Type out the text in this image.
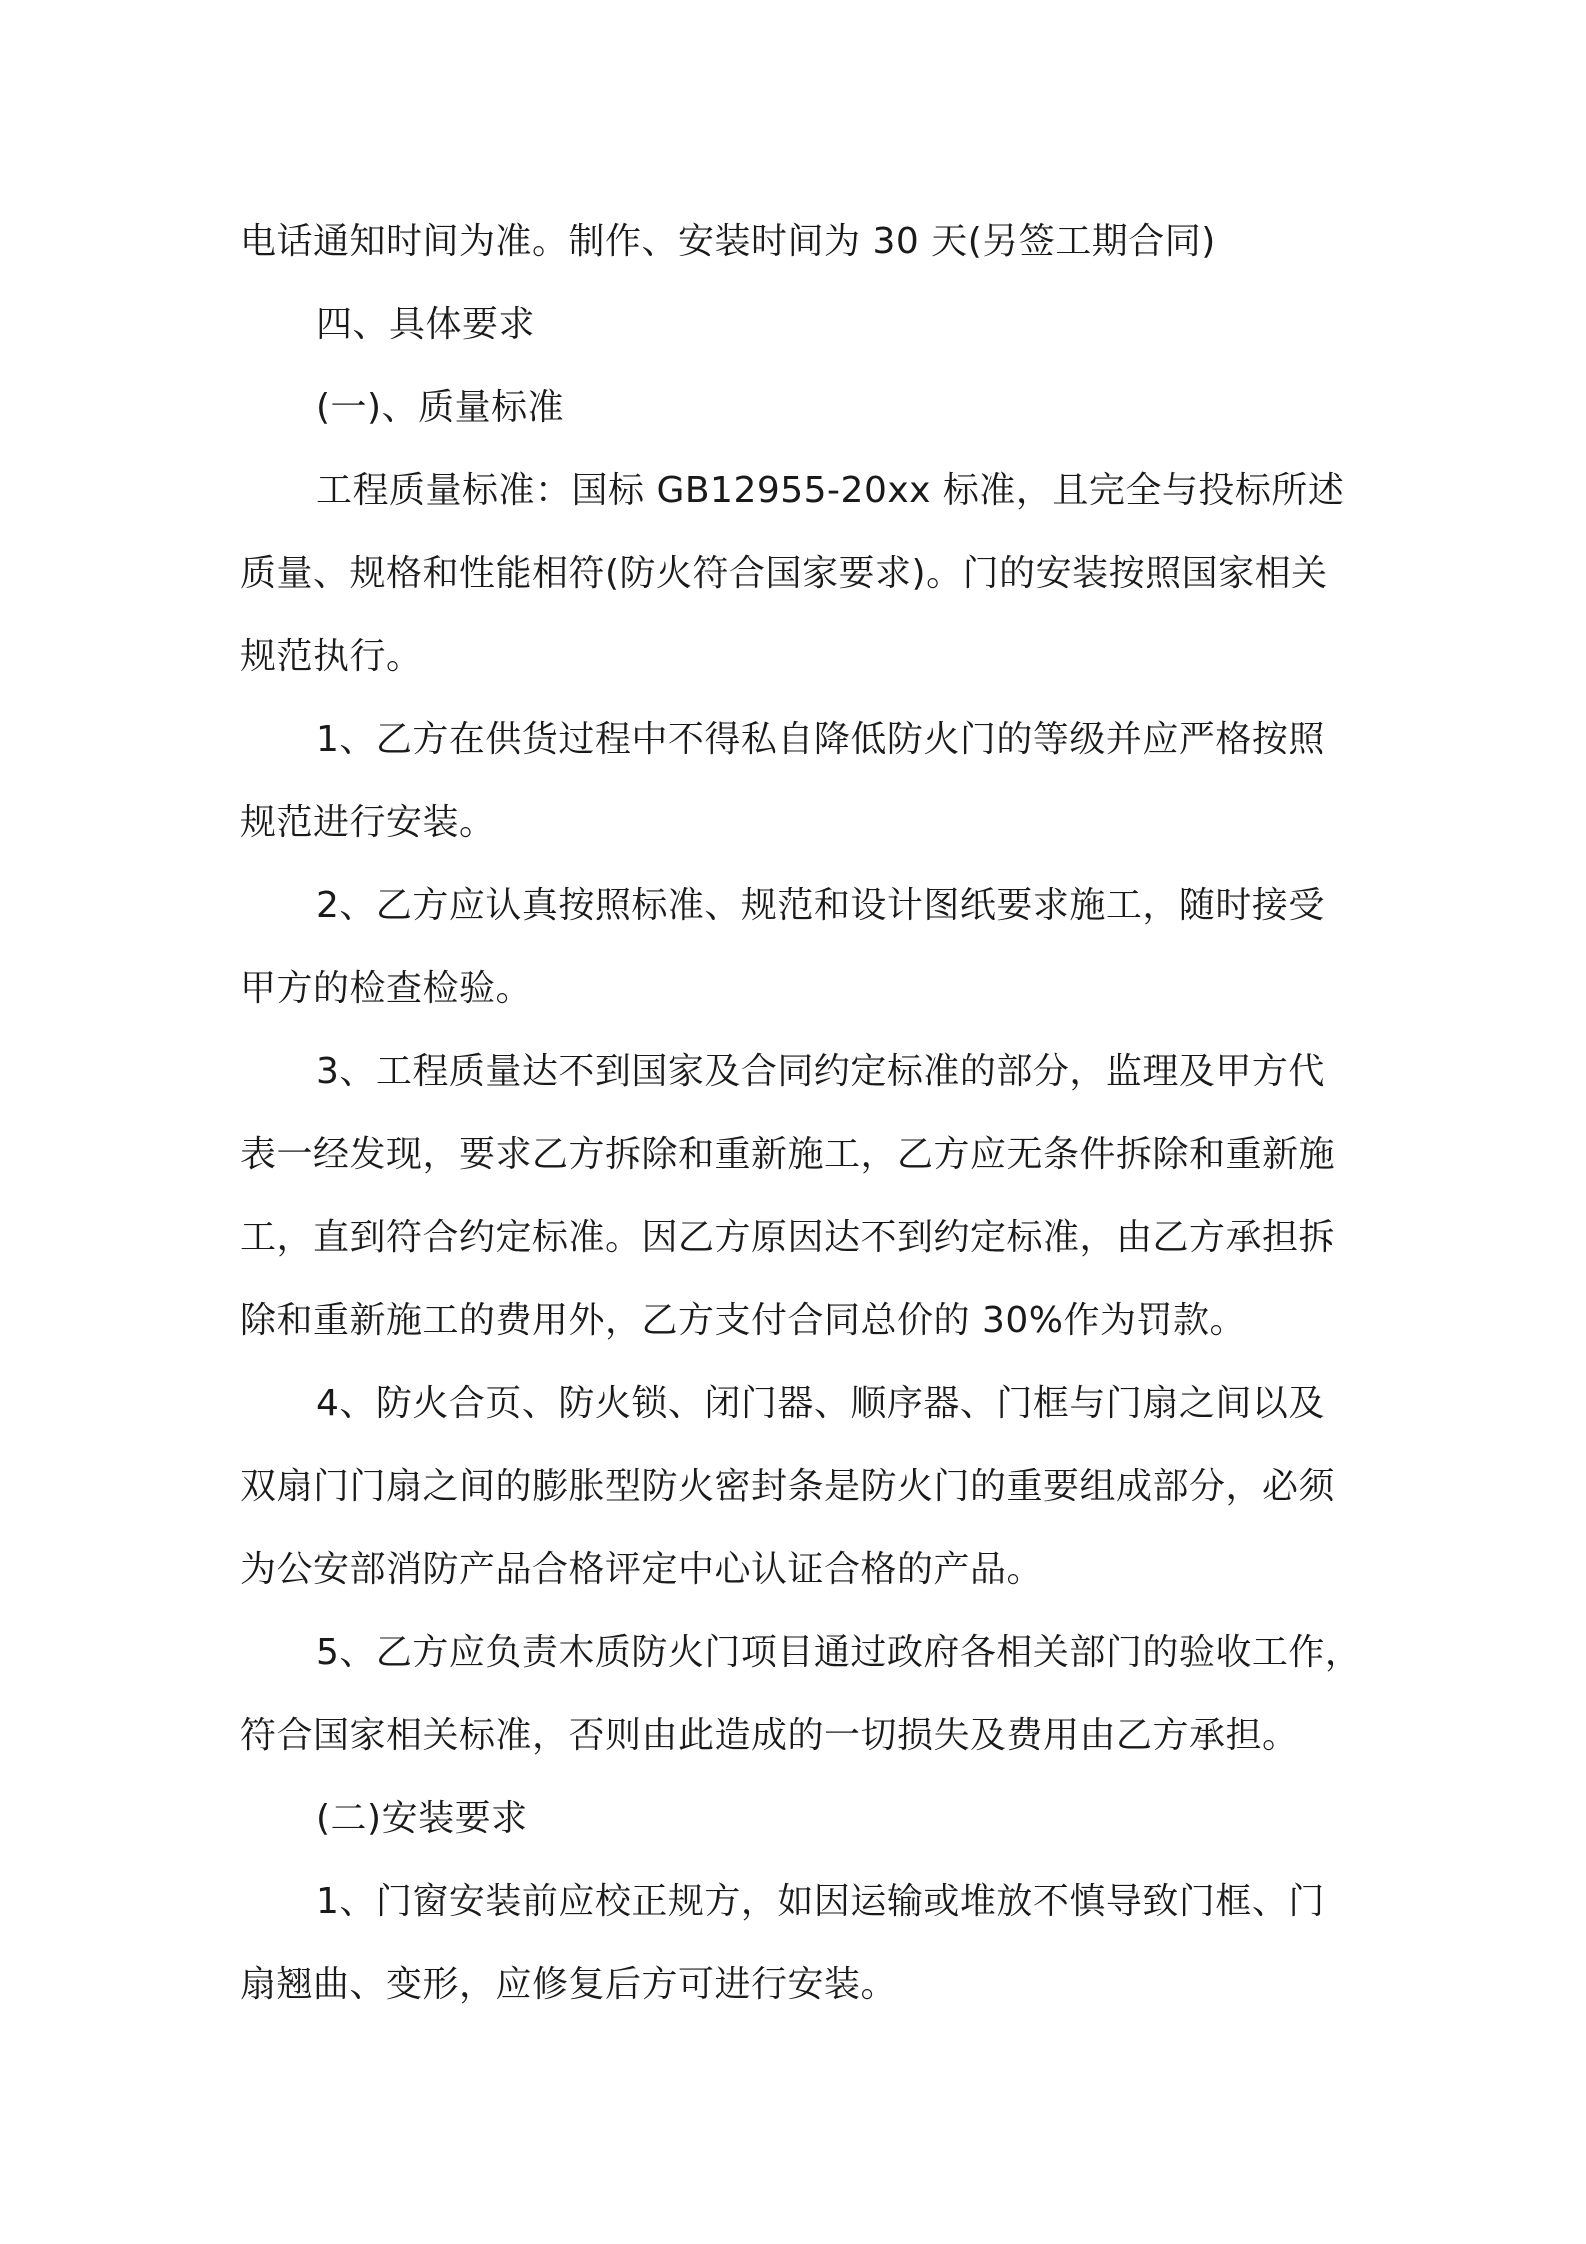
电话通知时间为准。制作、安装时间为 30 天(另签工期合同)
四、具体要求
(一)、质量标准
工程质量标准：国标 GB12955-20xx 标准，且完全与投标所述
质量、规格和性能相符(防火符合国家要求)。门的安装按照国家相关
规范执行。
1、乙方在供货过程中不得私自降低防火门的等级并应严格按照
规范进行安装。
2、乙方应认真按照标准、规范和设计图纸要求施工，随时接受
甲方的检查检验。
3、工程质量达不到国家及合同约定标准的部分，监理及甲方代
表一经发现，要求乙方拆除和重新施工，乙方应无条件拆除和重新施
工，直到符合约定标准。因乙方原因达不到约定标准，由乙方承担拆
除和重新施工的费用外，乙方支付合同总价的 30%作为罚款。
4、防火合页、防火锁、闭门器、顺序器、门框与门扇之间以及
双扇门门扇之间的膨胀型防火密封条是防火门的重要组成部分，必须
为公安部消防产品合格评定中心认证合格的产品。
5、乙方应负责木质防火门项目通过政府各相关部门的验收工作，
符合国家相关标准，否则由此造成的一切损失及费用由乙方承担。
(二)安装要求
1、门窗安装前应校正规方，如因运输或堆放不慎导致门框、门
扇翘曲、变形，应修复后方可进行安装。
